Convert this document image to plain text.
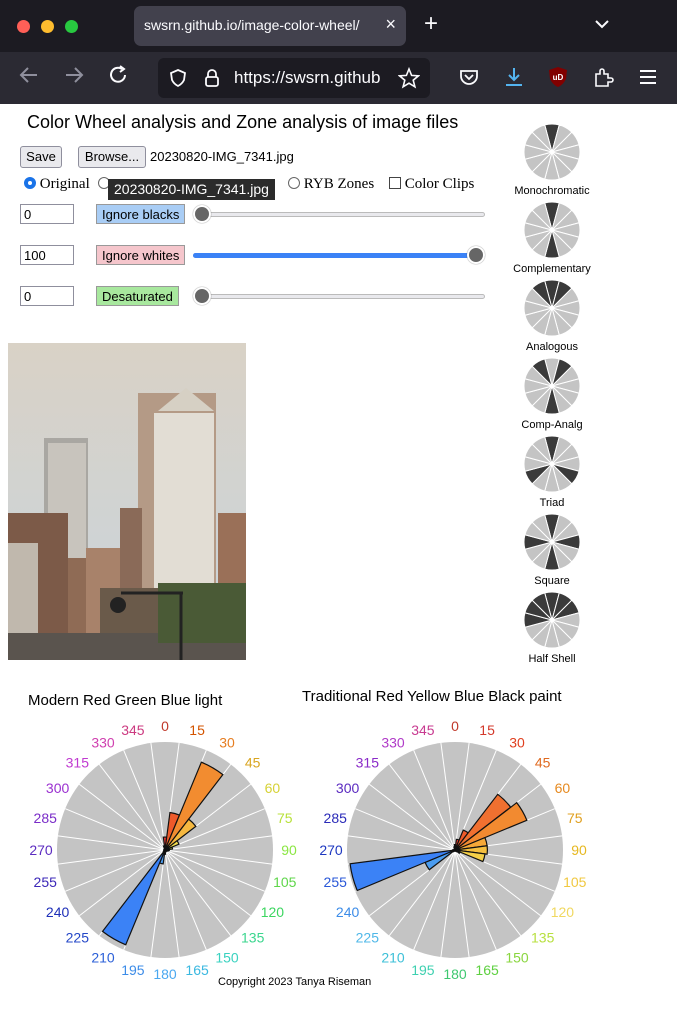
swsrn.github.io/image-color-wheel/	× +
https://swsrn.github	uD
Color Wheel analysis and Zone analysis of image files
Save	Browse... 20230820-IMG_7341.jpg
Original	RYB Zones	Color Clips
20230820-IMG_7341.jpg
0	Ignore blacks
100	Ignore whites
0	Desaturated
Monochromatic
Complementary
Analogous
Comp-Analg
Triad
Square
Half Shell
Modern Red Green Blue light	Traditional Red Yellow Blue Black paint
0 15
30
45
60
75
90
105
120
135
150
165
180
195
210
225
240
255
270
285
300
315
330
345	0 15
30
45
60
75
90
105
120
135
150
165
180
195
210
225
240
255
270
285
300
315
330
345
Copyright 2023 Tanya Riseman
